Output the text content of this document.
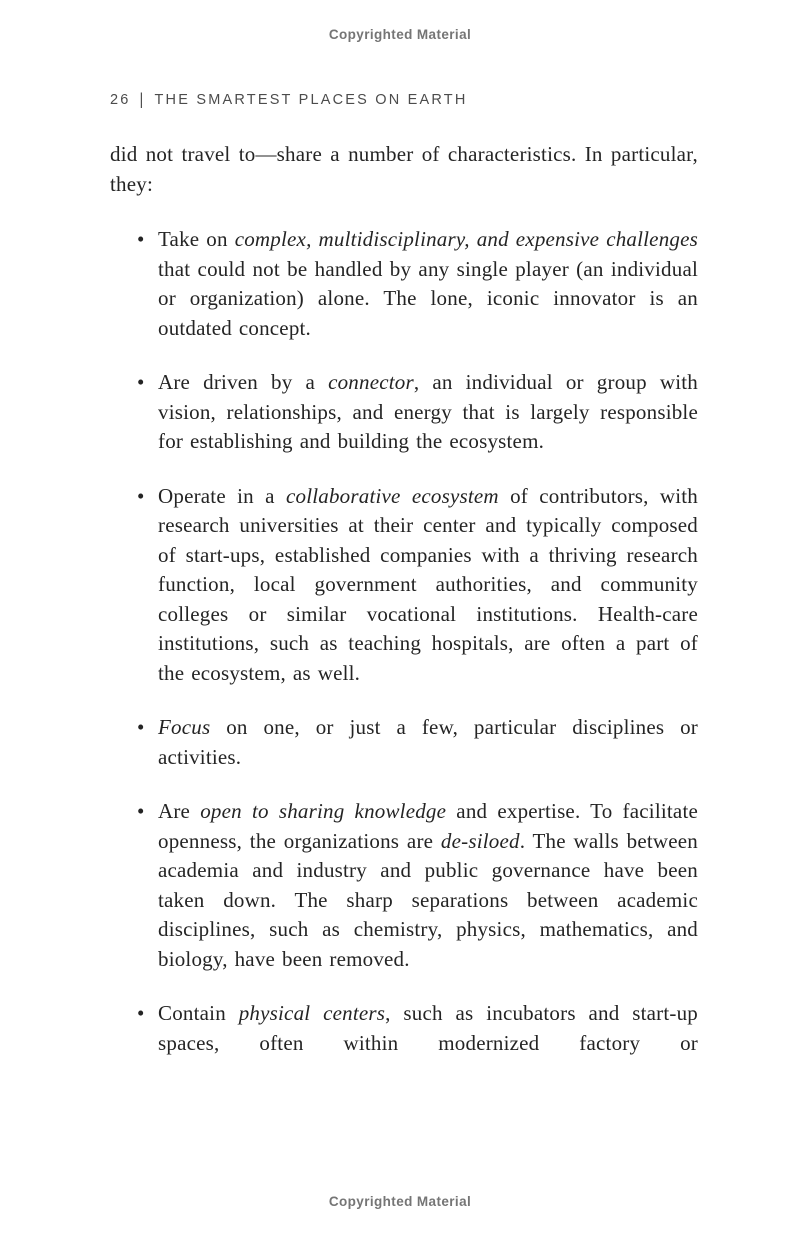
Copyrighted Material
26 | THE SMARTEST PLACES ON EARTH

did not travel to—share a number of characteristics. In particular, they:

• Take on complex, multidisciplinary, and expensive challenges that could not be handled by any single player (an individual or organization) alone. The lone, iconic innovator is an outdated concept.
• Are driven by a connector, an individual or group with vision, relationships, and energy that is largely responsible for establishing and building the ecosystem.
• Operate in a collaborative ecosystem of contributors, with research universities at their center and typically composed of start-ups, established companies with a thriving research function, local government authorities, and community colleges or similar vocational institutions. Health-care institutions, such as teaching hospitals, are often a part of the ecosystem, as well.
• Focus on one, or just a few, particular disciplines or activities.
• Are open to sharing knowledge and expertise. To facilitate openness, the organizations are de-siloed. The walls between academia and industry and public governance have been taken down. The sharp separations between academic disciplines, such as chemistry, physics, mathematics, and biology, have been removed.
• Contain physical centers, such as incubators and start-up spaces, often within modernized factory or
Copyrighted Material
